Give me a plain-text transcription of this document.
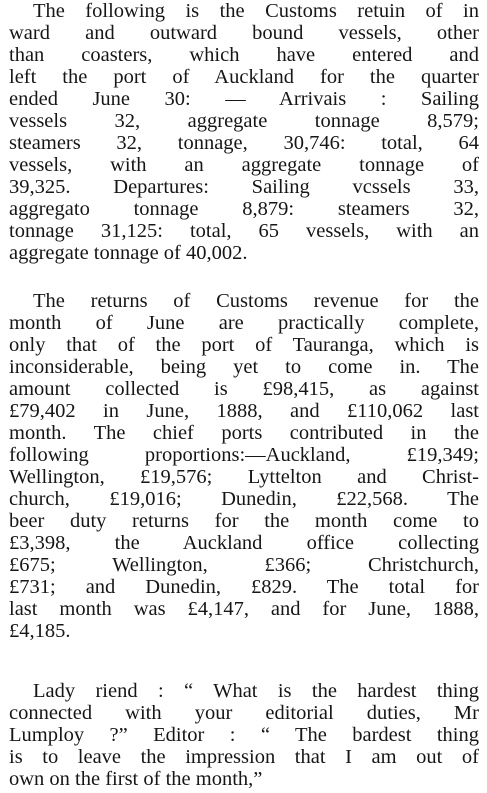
The following is the Customs retuin of in
ward and outward bound vessels, other
than coasters, which have entered and
left the port of Auckland for the quarter
ended June 30: — Arrivais : Sailing
vessels 32, aggregate tonnage 8,579;
steamers 32, tonnage, 30,746: total, 64
vessels, with an aggregate tonnage of
39,325. Departures: Sailing vcssels 33,
aggregato tonnage 8,879: steamers 32,
tonnage 31,125: total, 65 vessels, with an
aggregate tonnage of 40,002.
The returns of Customs revenue for the
month of June are practically complete,
only that of the port of Tauranga, which is
inconsiderable, being yet to come in. The
amount collected is £98,415, as against
£79,402 in June, 1888, and £110,062 last
month. The chief ports contributed in the
following proportions:—Auckland, £19,349;
Wellington, £19,576; Lyttelton and Christ-
church, £19,016; Dunedin, £22,568. The
beer duty returns for the month come to
£3,398, the Auckland office collecting
£675; Wellington, £366; Christchurch,
£731; and Dunedin, £829. The total for
last month was £4,147, and for June, 1888,
£4,185.
Lady riend : “ What is the hardest thing
connected with your editorial duties, Mr
Lumploy ?” Editor : “ The bardest thing
is to leave the impression that I am out of
own on the first of the month,”
